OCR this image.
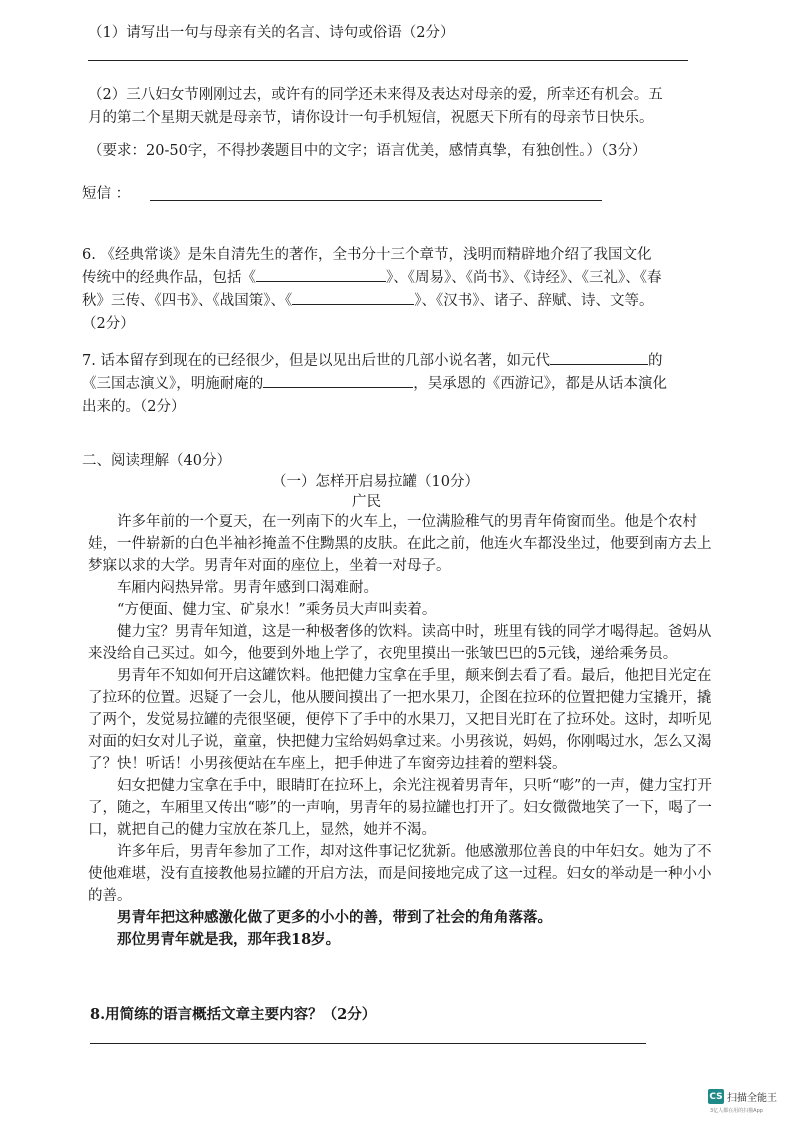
（1）请写出一句与母亲有关的名言、诗句或俗语（2分）

（2）三八妇女节刚刚过去，或许有的同学还未来得及表达对母亲的爱，所幸还有机会。五

月的第二个星期天就是母亲节，请你设计一句手机短信，祝愿天下所有的母亲节日快乐。

（要求：20-50字，不得抄袭题目中的文字；语言优美，感情真挚，有独创性。）（3分）

短信 ：

6. 《经典常谈》是朱自清先生的著作，全书分十三个章节，浅明而精辟地介绍了我国文化

传统中的经典作品，包括《	》、《周易》、《尚书》、《诗经》、《三礼》、《春

秋》三传、《四书》、《战国策》、《	》、《汉书》、诸子、辞赋、诗、文等。

（2分）

7. 话本留存到现在的已经很少，但是以见出后世的几部小说名著，如元代	的

《三国志演义》，明施耐庵的	，吴承恩的《西游记》，都是从话本演化

出来的。（2分）

二、阅读理解（40分）

（一）怎样开启易拉罐（10分）

广民

许多年前的一个夏天，在一列南下的火车上，一位满脸稚气的男青年倚窗而坐。他是个农村娃，一件崭新的白色半袖衫掩盖不住黝黑的皮肤。在此之前，他连火车都没坐过，他要到南方去上梦寐以求的大学。男青年对面的座位上，坐着一对母子。

车厢内闷热异常。男青年感到口渴难耐。

“方便面、健力宝、矿泉水！”乘务员大声叫卖着。

健力宝？男青年知道，这是一种极奢侈的饮料。读高中时，班里有钱的同学才喝得起。爸妈从来没给自己买过。如今，他要到外地上学了，衣兜里摸出一张皱巴巴的5元钱，递给乘务员。

男青年不知如何开启这罐饮料。他把健力宝拿在手里，颠来倒去看了看。最后，他把目光定在了拉环的位置。迟疑了一会儿，他从腰间摸出了一把水果刀，企图在拉环的位置把健力宝撬开，撬了两个，发觉易拉罐的壳很坚硬，便停下了手中的水果刀，又把目光盯在了拉环处。这时，却听见对面的妇女对儿子说，童童，快把健力宝给妈妈拿过来。小男孩说，妈妈，你刚喝过水，怎么又渴了？快！听话！小男孩便站在车座上，把手伸进了车窗旁边挂着的塑料袋。

妇女把健力宝拿在手中，眼睛盯在拉环上，余光注视着男青年，只听“嘭”的一声，健力宝打开了，随之，车厢里又传出“嘭”的一声响，男青年的易拉罐也打开了。妇女微微地笑了一下，喝了一口，就把自己的健力宝放在茶几上，显然，她并不渴。

许多年后，男青年参加了工作，却对这件事记忆犹新。他感激那位善良的中年妇女。她为了不使他难堪，没有直接教他易拉罐的开启方法，而是间接地完成了这一过程。妇女的举动是一种小小的善。

男青年把这种感激化做了更多的小小的善，带到了社会的角角落落。

那位男青年就是我，那年我18岁。

8.用简练的语言概括文章主要内容？（2分）

CS 扫描全能王
3亿人都在用的扫描App
